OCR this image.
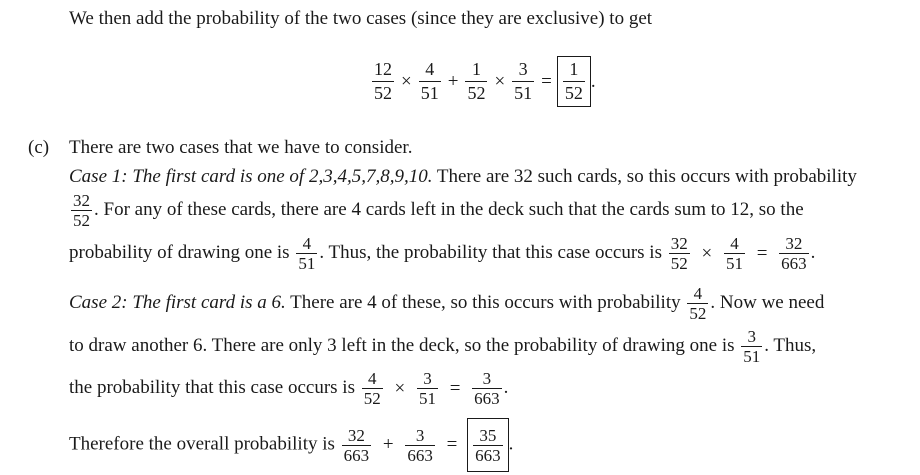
We then add the probability of the two cases (since they are exclusive) to get
$\frac{12}{52} \times \frac{4}{51} + \frac{1}{52} \times \frac{3}{51} = \frac{1}{52}$ .
(c) There are two cases that we have to consider.
Case 1: The first card is one of 2,3,4,5,7,8,9,10. There are 32 such cards, so this occurs with probability
$\frac{32}{52}$ . For any of these cards, there are 4 cards left in the deck such that the cards sum to 12, so the
probability of drawing one is $\frac{4}{51}$ . Thus, the probability that this case occurs is $\frac{32}{52} \times \frac{4}{51} = \frac{32}{663}$ .
Case 2: The first card is a 6. There are 4 of these, so this occurs with probability $\frac{4}{52}$ . Now we need
to draw another 6. There are only 3 left in the deck, so the probability of drawing one is $\frac{3}{51}$ . Thus,
the probability that this case occurs is $\frac{4}{52} \times \frac{3}{51} = \frac{3}{663}$ .
Therefore the overall probability is $\frac{32}{663} + \frac{3}{663} = \frac{35}{663}$ .
